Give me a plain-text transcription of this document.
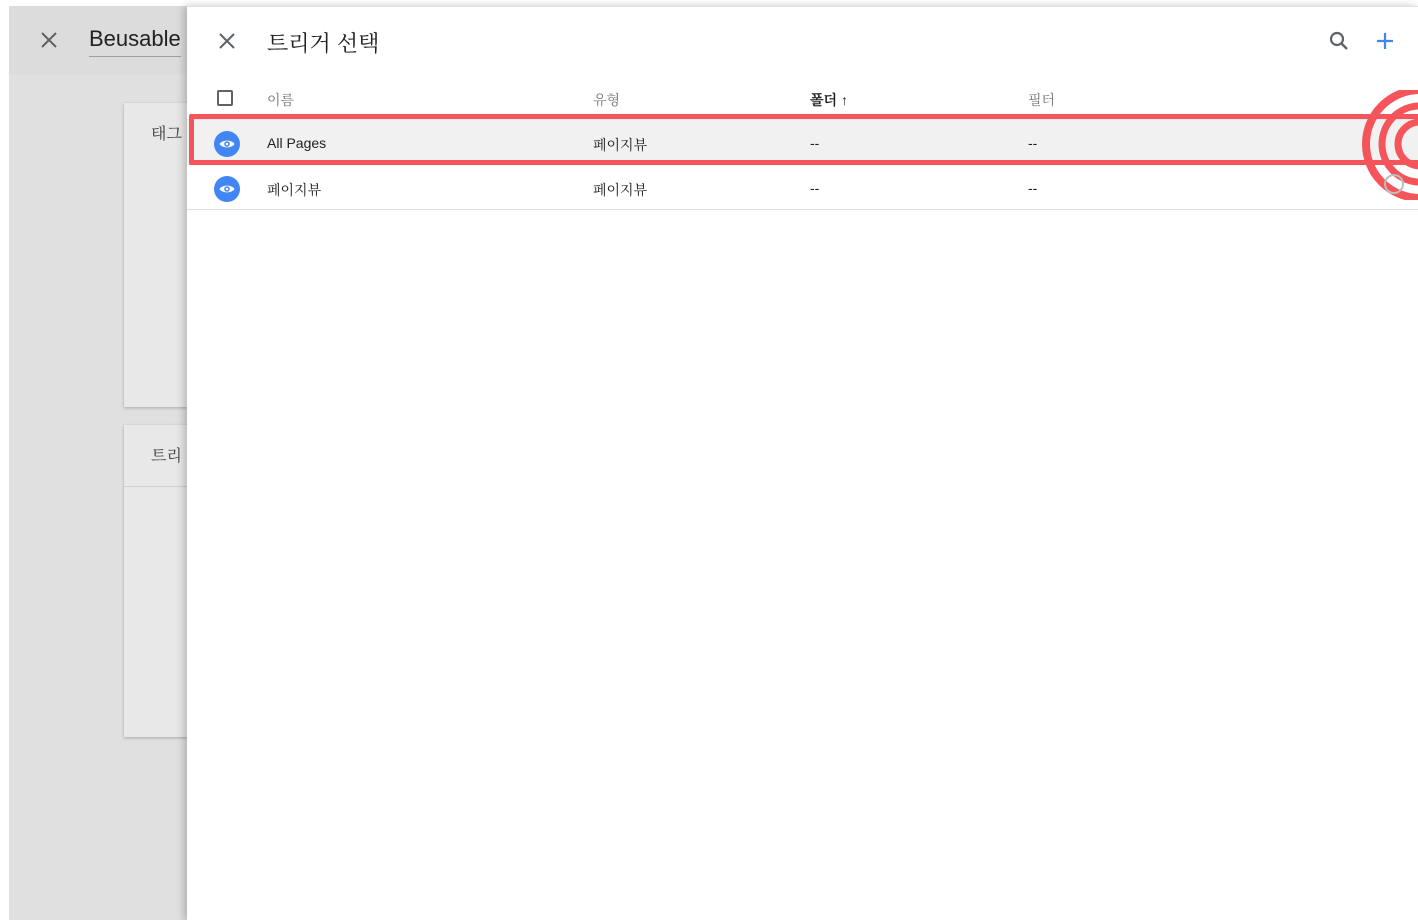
Beusable
태그
트리
트리거 선택
이름	유형	폴더 ↑	필터
All Pages	페이지뷰	--	--
페이지뷰	페이지뷰	--	--
